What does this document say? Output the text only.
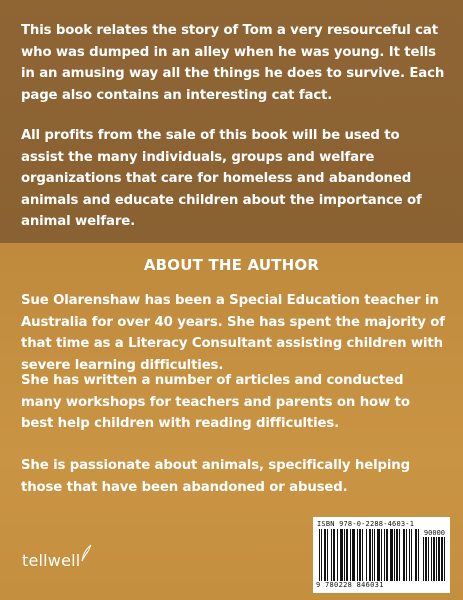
This book relates the story of Tom a very resourceful cat who was dumped in an alley when he was young. It tells in an amusing way all the things he does to survive. Each page also contains an interesting cat fact.

All profits from the sale of this book will be used to assist the many individuals, groups and welfare organizations that care for homeless and abandoned animals and educate children about the importance of animal welfare.

ABOUT THE AUTHOR

Sue Olarenshaw has been a Special Education teacher in Australia for over 40 years. She has spent the majority of that time as a Literacy Consultant assisting children with severe learning difficulties.

She has written a number of articles and conducted many workshops for teachers and parents on how to best help children with reading difficulties.

She is passionate about animals, specifically helping those that have been abandoned or abused.

ISBN 978-0-2288-4603-1
90000
9 780228 846031
tellwell
